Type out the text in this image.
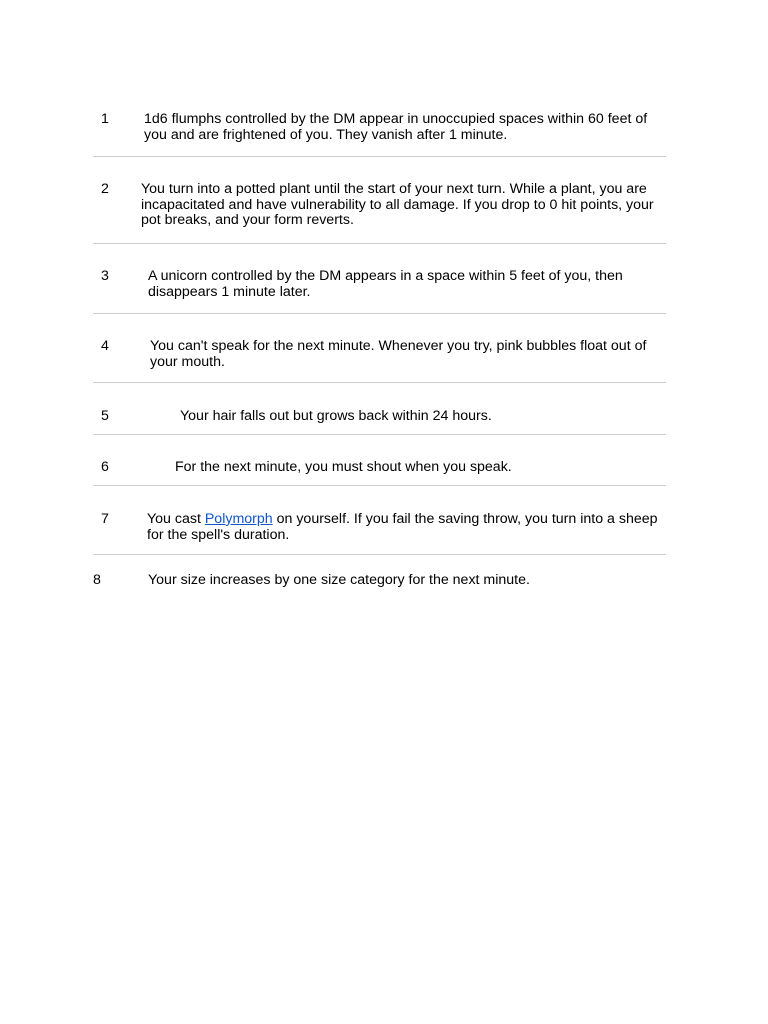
1 1d6 flumphs controlled by the DM appear in unoccupied spaces within 60 feet of you and are frightened of you. They vanish after 1 minute.
2 You turn into a potted plant until the start of your next turn. While a plant, you are incapacitated and have vulnerability to all damage. If you drop to 0 hit points, your pot breaks, and your form reverts.
3	A unicorn controlled by the DM appears in a space within 5 feet of you, then disappears 1 minute later.
4	You can't speak for the next minute. Whenever you try, pink bubbles float out of your mouth.
5	Your hair falls out but grows back within 24 hours.
6	For the next minute, you must shout when you speak.
7	You cast Polymorph on yourself. If you fail the saving throw, you turn into a sheep for the spell's duration.
8	Your size increases by one size category for the next minute.
